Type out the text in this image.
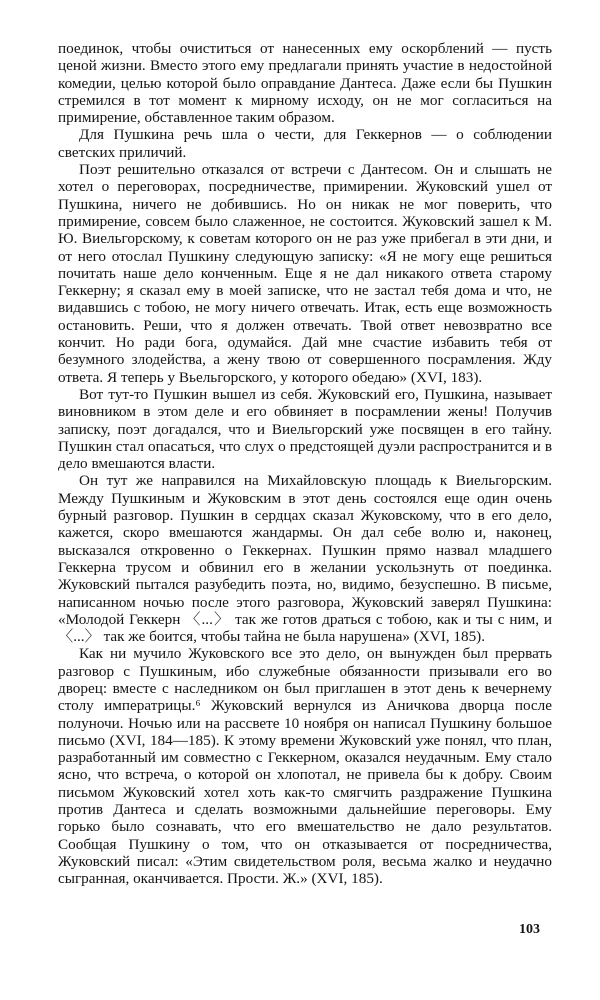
поединок, чтобы очиститься от нанесенных ему оскорблений — пусть ценой жизни. Вместо этого ему предлагали принять участие в недостойной комедии, целью которой было оправдание Дантеса. Даже если бы Пушкин стремился в тот момент к мирному исходу, он не мог согласиться на примирение, обставленное таким образом.

Для Пушкина речь шла о чести, для Геккернов — о соблюдении светских приличий.

Поэт решительно отказался от встречи с Дантесом. Он и слышать не хотел о переговорах, посредничестве, примирении. Жуковский ушел от Пушкина, ничего не добившись. Но он никак не мог поверить, что примирение, совсем было слаженное, не состоится. Жуковский зашел к М. Ю. Виельгорскому, к советам которого он не раз уже прибегал в эти дни, и от него отослал Пушкину следующую записку: «Я не могу еще решиться почитать наше дело конченным. Еще я не дал никакого ответа старому Геккерну; я сказал ему в моей записке, что не застал тебя дома и что, не видавшись с тобою, не могу ничего отвечать. Итак, есть еще возможность остановить. Реши, что я должен отвечать. Твой ответ невозвратно все кончит. Но ради бога, одумайся. Дай мне счастие избавить тебя от безумного злодейства, а жену твою от совершенного посрамления. Жду ответа. Я теперь у Вьельгорского, у которого обедаю» (XVI, 183).

Вот тут-то Пушкин вышел из себя. Жуковский его, Пушкина, называет виновником в этом деле и его обвиняет в посрамлении жены! Получив записку, поэт догадался, что и Виельгорский уже посвящен в его тайну. Пушкин стал опасаться, что слух о предстоящей дуэли распространится и в дело вмешаются власти.

Он тут же направился на Михайловскую площадь к Виельгорским. Между Пушкиным и Жуковским в этот день состоялся еще один очень бурный разговор. Пушкин в сердцах сказал Жуковскому, что в его дело, кажется, скоро вмешаются жандармы. Он дал себе волю и, наконец, высказался откровенно о Геккернах. Пушкин прямо назвал младшего Геккерна трусом и обвинил его в желании ускользнуть от поединка. Жуковский пытался разубедить поэта, но, видимо, безуспешно. В письме, написанном ночью после этого разговора, Жуковский заверял Пушкина: «Молодой Геккерн 〈...〉 так же готов драться с тобою, как и ты с ним, и〈...〉 так же боится, чтобы тайна не была нарушена» (XVI, 185).

Как ни мучило Жуковского все это дело, он вынужден был прервать разговор с Пушкиным, ибо служебные обязанности призывали его во дворец: вместе с наследником он был приглашен в этот день к вечернему столу императрицы.⁶ Жуковский вернулся из Аничкова дворца после полуночи. Ночью или на рассвете 10 ноября он написал Пушкину большое письмо (XVI, 184—185). К этому времени Жуковский уже понял, что план, разработанный им совместно с Геккерном, оказался неудачным. Ему стало ясно, что встреча, о которой он хлопотал, не привела бы к добру. Своим письмом Жуковский хотел хоть как-то смягчить раздражение Пушкина против Дантеса и сделать возможными дальнейшие переговоры. Ему горько было сознавать, что его вмешательство не дало результатов. Сообщая Пушкину о том, что он отказывается от посредничества, Жуковский писал: «Этим свидетельством роля, весьма жалко и неудачно сыгранная, оканчивается. Прости. Ж.» (XVI, 185).

103
